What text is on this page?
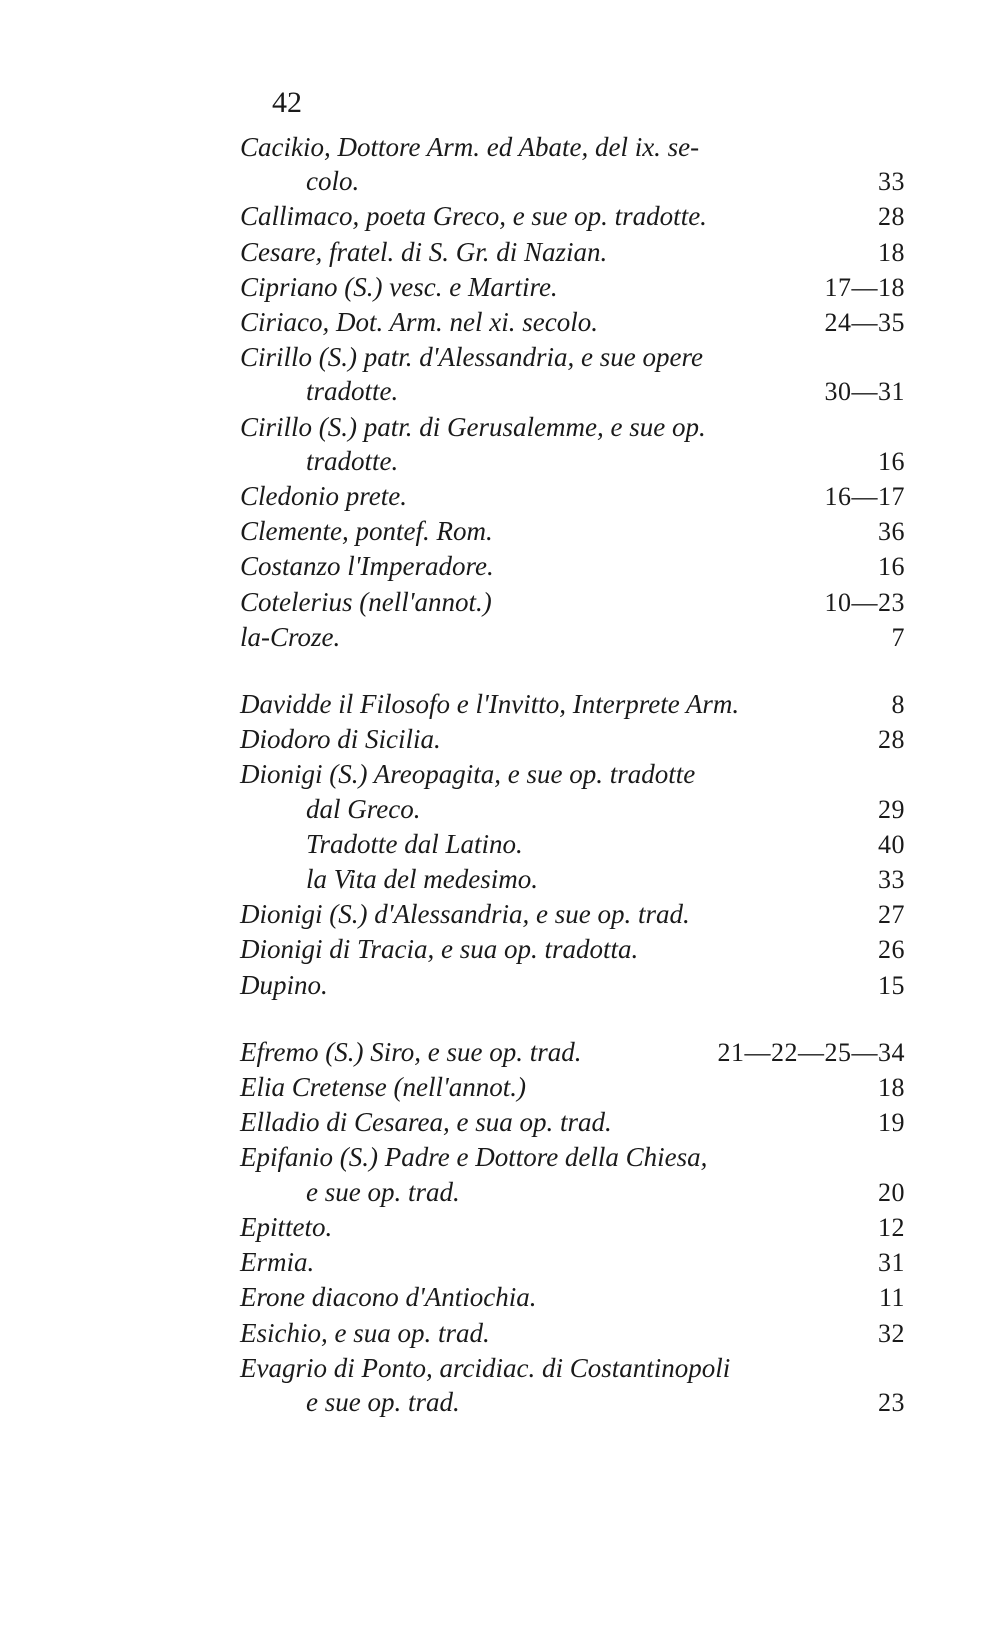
42
Cacikio, Dottore Arm. ed Abate, del ix. se-
colo.	33
Callimaco, poeta Greco, e sue op. tradotte.	28
Cesare, fratel. di S. Gr. di Nazian.	18
Cipriano (S.) vesc. e Martire.	17—18
Ciriaco, Dot. Arm. nel xi. secolo.	24—35
Cirillo (S.) patr. d'Alessandria, e sue opere
tradotte.	30—31
Cirillo (S.) patr. di Gerusalemme, e sue op.
tradotte.	16
Cledonio prete.	16—17
Clemente, pontef. Rom.	36
Costanzo l'Imperadore.	16
Cotelerius (nell'annot.)	10—23
la-Croze.	7
Davidde il Filosofo e l'Invitto, Interprete Arm.	8
Diodoro di Sicilia.	28
Dionigi (S.) Areopagita, e sue op. tradotte
dal Greco.	29
Tradotte dal Latino.	40
la Vita del medesimo.	33
Dionigi (S.) d'Alessandria, e sue op. trad.	27
Dionigi di Tracia, e sua op. tradotta.	26
Dupino.	15
Efremo (S.) Siro, e sue op. trad.	21—22—25—34
Elia Cretense (nell'annot.)	18
Elladio di Cesarea, e sua op. trad.	19
Epifanio (S.) Padre e Dottore della Chiesa,
e sue op. trad.	20
Epitteto.	12
Ermia.	31
Erone diacono d'Antiochia.	11
Esichio, e sua op. trad.	32
Evagrio di Ponto, arcidiac. di Costantinopoli
e sue op. trad.	23
